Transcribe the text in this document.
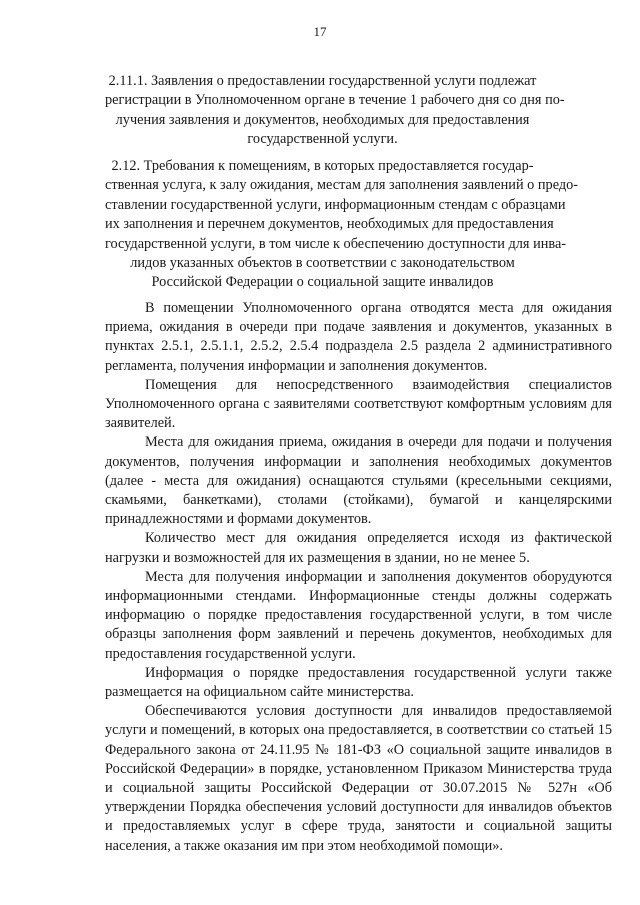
17
2.11.1. Заявления о предоставлении государственной услуги подлежат
регистрации в Уполномоченном органе в течение 1 рабочего дня со дня по-
лучения заявления и документов, необходимых для предоставления
государственной услуги.
2.12. Требования к помещениям, в которых предоставляется государ-
ственная услуга, к залу ожидания, местам для заполнения заявлений о предо-
ставлении государственной услуги, информационным стендам с образцами
их заполнения и перечнем документов, необходимых для предоставления
государственной услуги, в том числе к обеспечению доступности для инва-
лидов указанных объектов в соответствии с законодательством
Российской Федерации о социальной защите инвалидов

В помещении Уполномоченного органа отводятся места для ожидания приема, ожидания в очереди при подаче заявления и документов, указанных в пунктах 2.5.1, 2.5.1.1, 2.5.2, 2.5.4 подраздела 2.5 раздела 2 административного регламента, получения информации и заполнения документов.

Помещения для непосредственного взаимодействия специалистов Уполномоченного органа с заявителями соответствуют комфортным условиям для заявителей.

Места для ожидания приема, ожидания в очереди для подачи и получения документов, получения информации и заполнения необходимых документов (далее - места для ожидания) оснащаются стульями (кресельными секциями, скамьями, банкетками), столами (стойками), бумагой и канцелярскими принадлежностями и формами документов.

Количество мест для ожидания определяется исходя из фактической нагрузки и возможностей для их размещения в здании, но не менее 5.

Места для получения информации и заполнения документов оборудуются информационными стендами. Информационные стенды должны содержать информацию о порядке предоставления государственной услуги, в том числе образцы заполнения форм заявлений и перечень документов, необходимых для предоставления государственной услуги.

Информация о порядке предоставления государственной услуги также размещается на официальном сайте министерства.

Обеспечиваются условия доступности для инвалидов предоставляемой услуги и помещений, в которых она предоставляется, в соответствии со статьей 15 Федерального закона от 24.11.95 № 181-ФЗ «О социальной защите инвалидов в Российской Федерации» в порядке, установленном Приказом Министерства труда и социальной защиты Российской Федерации от 30.07.2015 № 527н «Об утверждении Порядка обеспечения условий доступности для инвалидов объектов и предоставляемых услуг в сфере труда, занятости и социальной защиты населения, а также оказания им при этом необходимой помощи».
